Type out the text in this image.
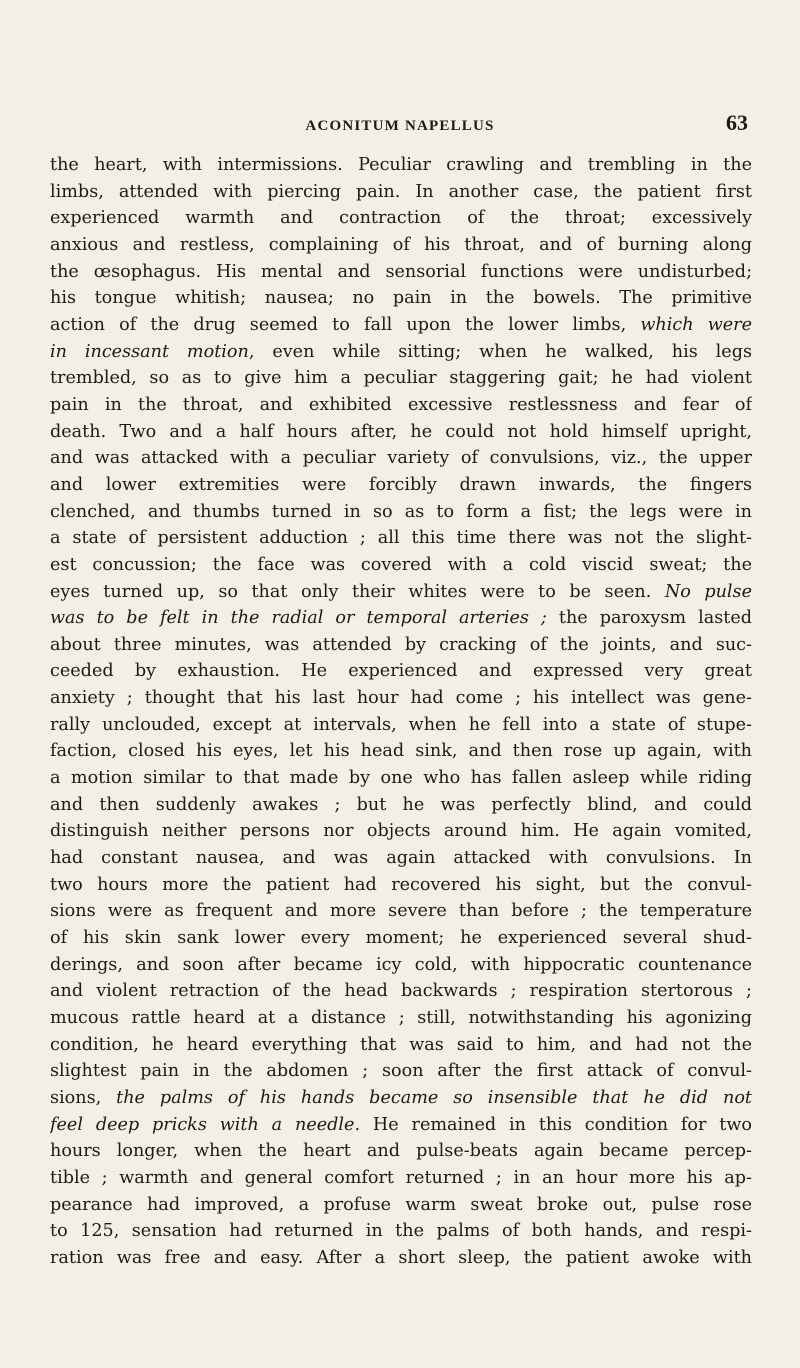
ACONITUM NAPELLUS	63
the heart, with intermissions. Peculiar crawling and trembling in the
limbs, attended with piercing pain. In another case, the patient first
experienced warmth and contraction of the throat; excessively
anxious and restless, complaining of his throat, and of burning along
the œsophagus. His mental and sensorial functions were undisturbed;
his tongue whitish; nausea; no pain in the bowels. The primitive
action of the drug seemed to fall upon the lower limbs, which were
in incessant motion, even while sitting; when he walked, his legs
trembled, so as to give him a peculiar staggering gait; he had violent
pain in the throat, and exhibited excessive restlessness and fear of
death. Two and a half hours after, he could not hold himself upright,
and was attacked with a peculiar variety of convulsions, viz., the upper
and lower extremities were forcibly drawn inwards, the fingers
clenched, and thumbs turned in so as to form a fist; the legs were in
a state of persistent adduction ; all this time there was not the slight-
est concussion; the face was covered with a cold viscid sweat; the
eyes turned up, so that only their whites were to be seen. No pulse
was to be felt in the radial or temporal arteries ; the paroxysm lasted
about three minutes, was attended by cracking of the joints, and suc-
ceeded by exhaustion. He experienced and expressed very great
anxiety ; thought that his last hour had come ; his intellect was gene-
rally unclouded, except at intervals, when he fell into a state of stupe-
faction, closed his eyes, let his head sink, and then rose up again, with
a motion similar to that made by one who has fallen asleep while riding
and then suddenly awakes ; but he was perfectly blind, and could
distinguish neither persons nor objects around him. He again vomited,
had constant nausea, and was again attacked with convulsions. In
two hours more the patient had recovered his sight, but the convul-
sions were as frequent and more severe than before ; the temperature
of his skin sank lower every moment; he experienced several shud-
derings, and soon after became icy cold, with hippocratic countenance
and violent retraction of the head backwards ; respiration stertorous ;
mucous rattle heard at a distance ; still, notwithstanding his agonizing
condition, he heard everything that was said to him, and had not the
slightest pain in the abdomen ; soon after the first attack of convul-
sions, the palms of his hands became so insensible that he did not
feel deep pricks with a needle. He remained in this condition for two
hours longer, when the heart and pulse-beats again became percep-
tible ; warmth and general comfort returned ; in an hour more his ap-
pearance had improved, a profuse warm sweat broke out, pulse rose
to 125, sensation had returned in the palms of both hands, and respi-
ration was free and easy. After a short sleep, the patient awoke with
